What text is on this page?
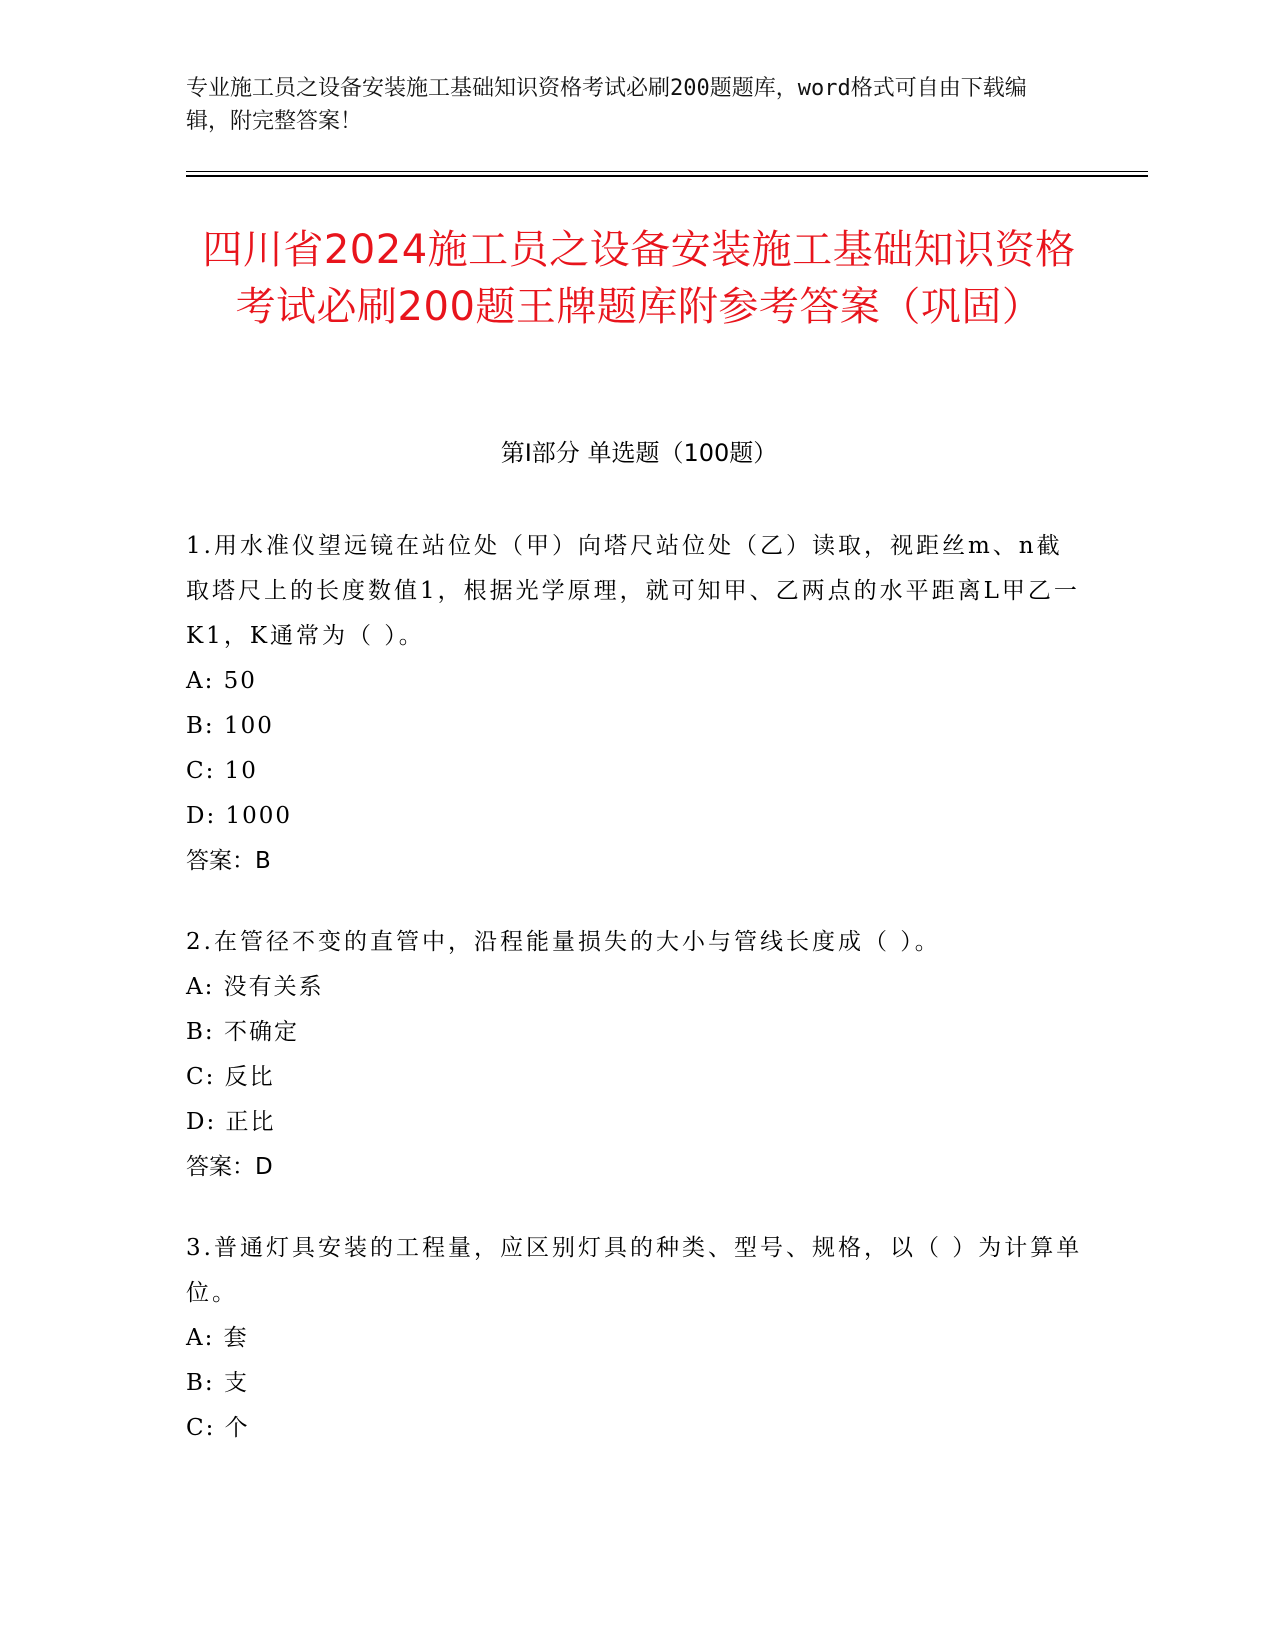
专业施工员之设备安装施工基础知识资格考试必刷200题题库，word格式可自由下载编辑，附完整答案！
四川省2024施工员之设备安装施工基础知识资格考试必刷200题王牌题库附参考答案（巩固）
第I部分 单选题（100题）

1.用水准仪望远镜在站位处（甲）向塔尺站位处（乙）读取，视距丝m、n截取塔尺上的长度数值1，根据光学原理，就可知甲、乙两点的水平距离L甲乙一K1，K通常为（ ）。

A: 50

B: 100

C: 10

D: 1000

答案：B

2.在管径不变的直管中，沿程能量损失的大小与管线长度成（ ）。

A: 没有关系

B: 不确定

C: 反比

D: 正比

答案：D

3.普通灯具安装的工程量，应区别灯具的种类、型号、规格，以（ ）为计算单位。

A: 套

B: 支

C: 个
